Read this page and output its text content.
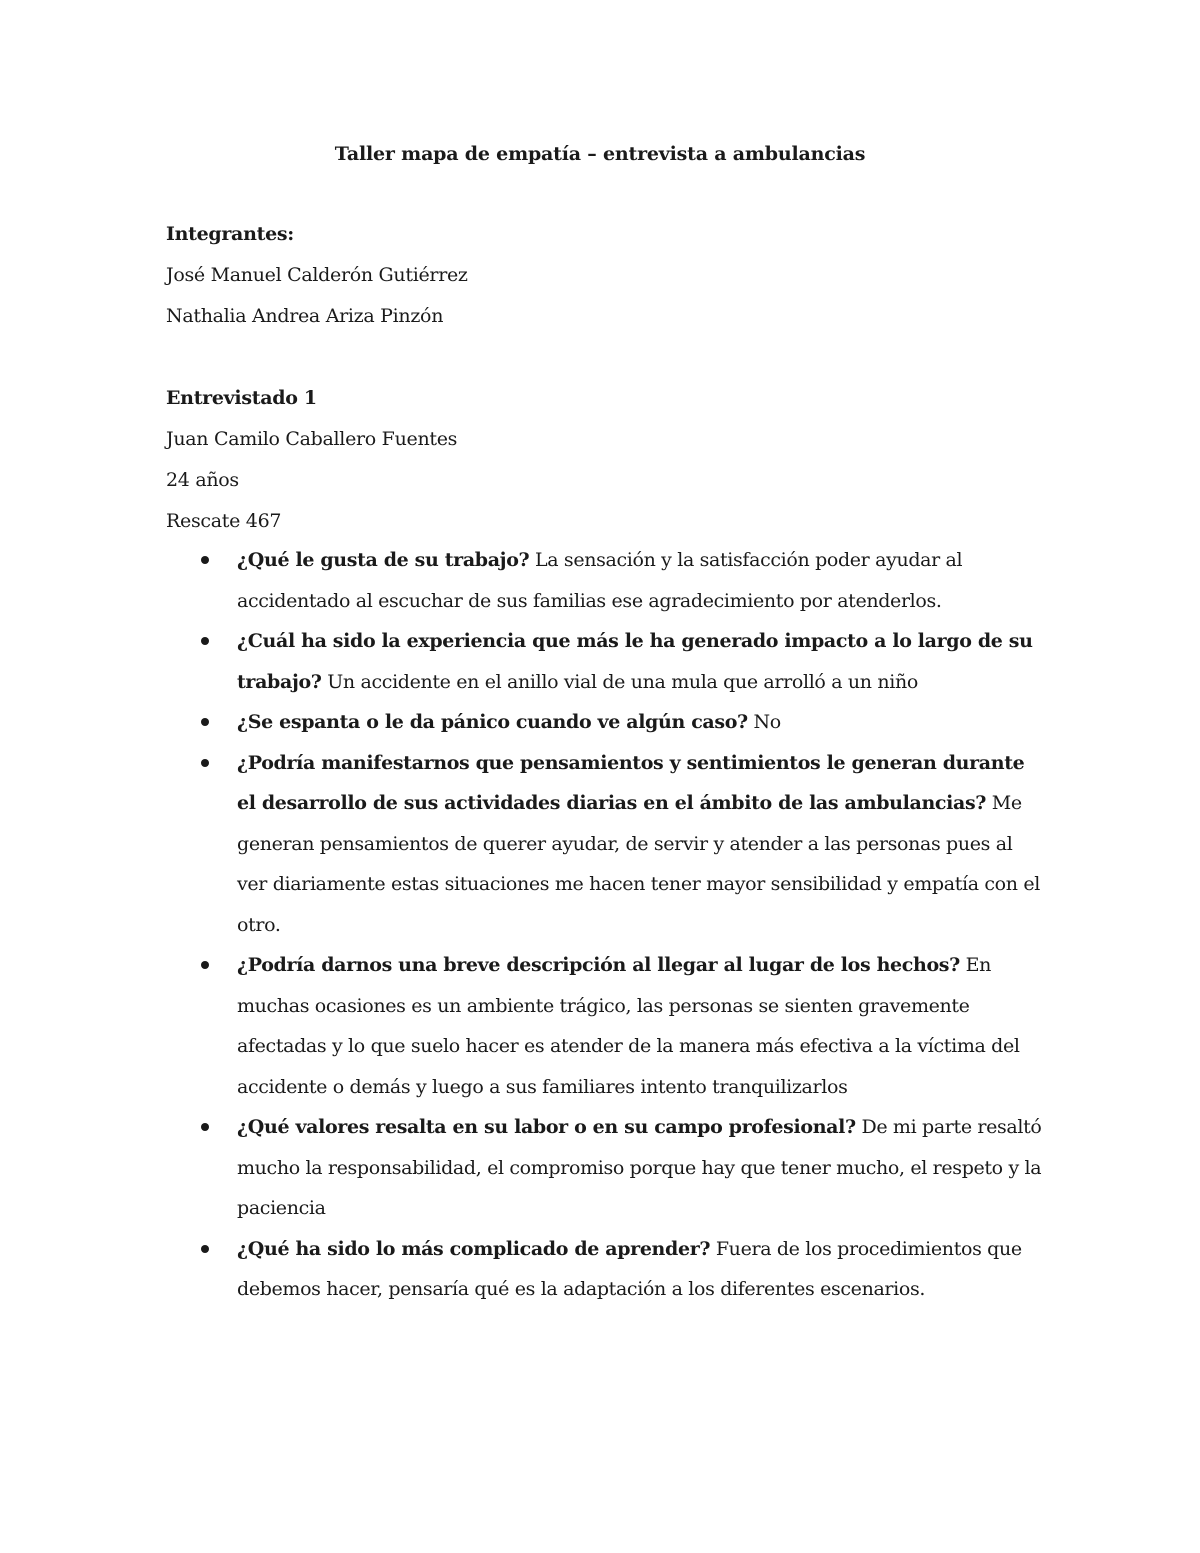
Taller mapa de empatía – entrevista a ambulancias
Integrantes:
José Manuel Calderón Gutiérrez
Nathalia Andrea Ariza Pinzón
Entrevistado 1
Juan Camilo Caballero Fuentes
24 años
Rescate 467
¿Qué le gusta de su trabajo? La sensación y la satisfacción poder ayudar al accidentado al escuchar de sus familias ese agradecimiento por atenderlos.
¿Cuál ha sido la experiencia que más le ha generado impacto a lo largo de su trabajo? Un accidente en el anillo vial de una mula que arrolló a un niño
¿Se espanta o le da pánico cuando ve algún caso? No
¿Podría manifestarnos que pensamientos y sentimientos le generan durante el desarrollo de sus actividades diarias en el ámbito de las ambulancias? Me generan pensamientos de querer ayudar, de servir y atender a las personas pues al ver diariamente estas situaciones me hacen tener mayor sensibilidad y empatía con el otro.
¿Podría darnos una breve descripción al llegar al lugar de los hechos? En muchas ocasiones es un ambiente trágico, las personas se sienten gravemente afectadas y lo que suelo hacer es atender de la manera más efectiva a la víctima del accidente o demás y luego a sus familiares intento tranquilizarlos
¿Qué valores resalta en su labor o en su campo profesional? De mi parte resaltó mucho la responsabilidad, el compromiso porque hay que tener mucho, el respeto y la paciencia
¿Qué ha sido lo más complicado de aprender? Fuera de los procedimientos que debemos hacer, pensaría qué es la adaptación a los diferentes escenarios.
